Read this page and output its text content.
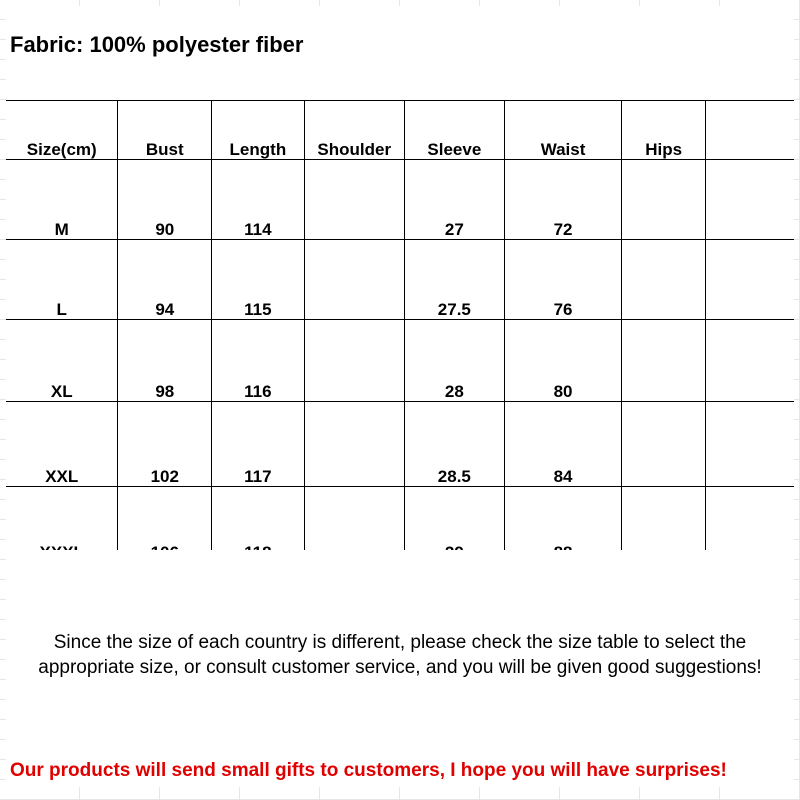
Fabric: 100% polyester fiber
Size(cm)	Bust	Length	Shoulder	Sleeve	Waist	Hips	
M	90	114		27	72		
L	94	115		27.5	76		
XL	98	116		28	80		
XXL	102	117		28.5	84		

Since the size of each country is different, please check the size table to select the appropriate size, or consult customer service, and you will be given good suggestions!
Our products will send small gifts to customers, I hope you will have surprises!
